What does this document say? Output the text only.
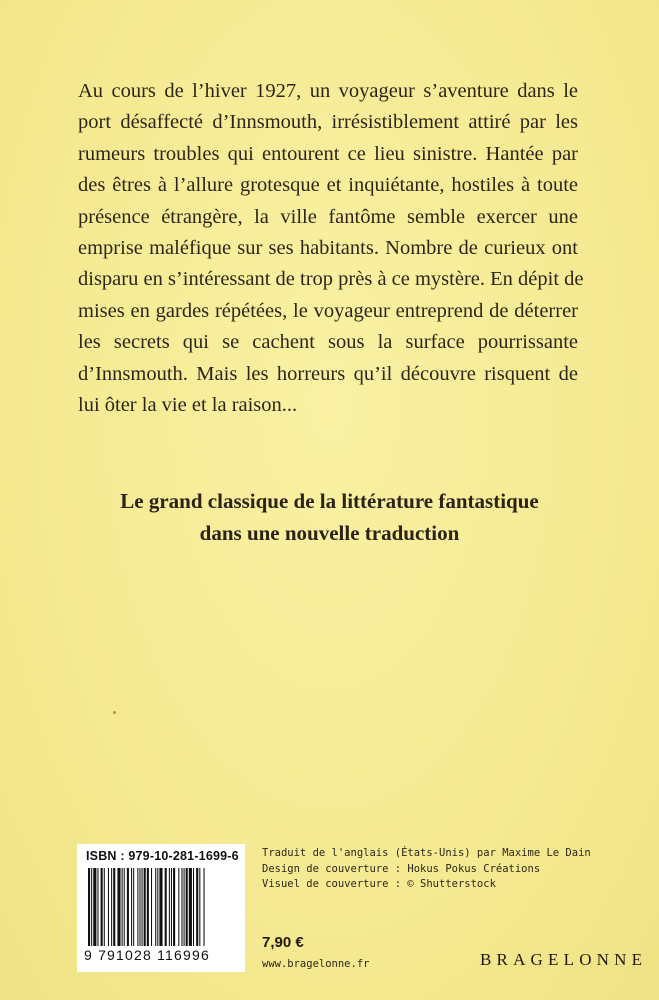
Au cours de l’hiver 1927, un voyageur s’aventure dans le
port désaffecté d’Innsmouth, irrésistiblement attiré par les
rumeurs troubles qui entourent ce lieu sinistre. Hantée par
des êtres à l’allure grotesque et inquiétante, hostiles à toute
présence étrangère, la ville fantôme semble exercer une
emprise maléfique sur ses habitants. Nombre de curieux ont
disparu en s’intéressant de trop près à ce mystère. En dépit de
mises en gardes répétées, le voyageur entreprend de déterrer
les secrets qui se cachent sous la surface pourrissante
d’Innsmouth. Mais les horreurs qu’il découvre risquent de
lui ôter la vie et la raison...
Le grand classique de la littérature fantastique
dans une nouvelle traduction
ISBN : 979-10-281-1699-6
9 791028 116996
Traduit de l'anglais (États-Unis) par Maxime Le Dain
Design de couverture : Hokus Pokus Créations
Visuel de couverture : © Shutterstock
7,90 €
www.bragelonne.fr	BRAGELONNE
